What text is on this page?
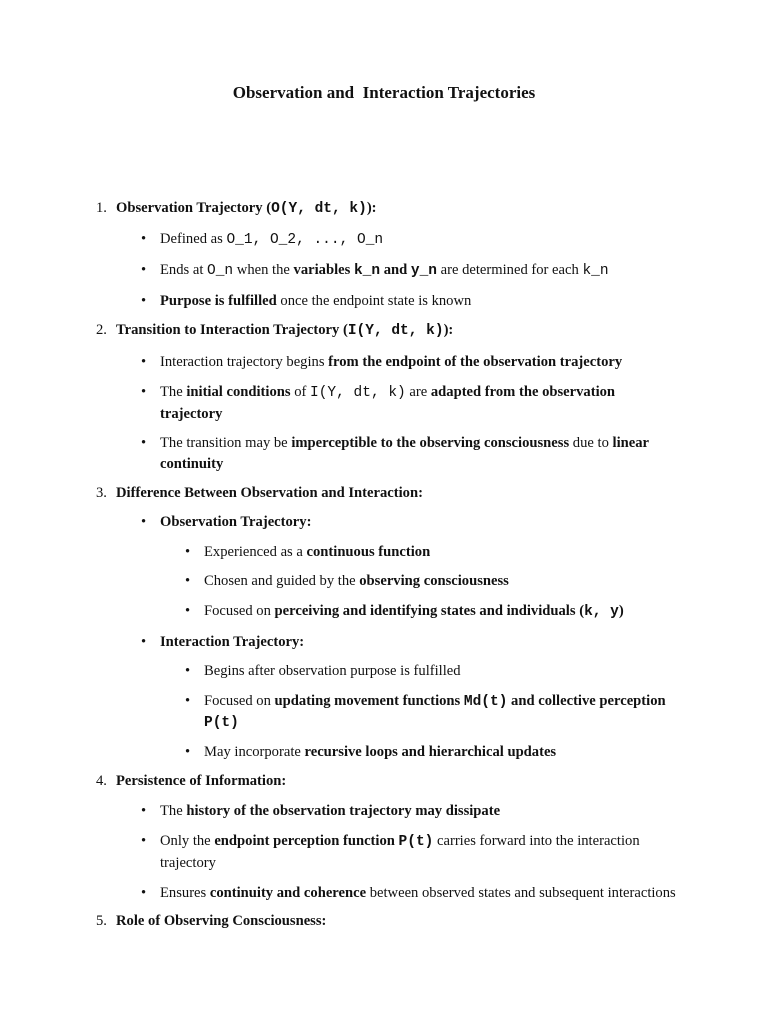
Observation and  Interaction Trajectories
1. Observation Trajectory (O(Y, dt, k)):
• Defined as O_1, O_2, ..., O_n
• Ends at O_n when the variables k_n and y_n are determined for each k_n
• Purpose is fulfilled once the endpoint state is known
2. Transition to Interaction Trajectory (I(Y, dt, k)):
• Interaction trajectory begins from the endpoint of the observation trajectory
• The initial conditions of I(Y, dt, k) are adapted from the observation trajectory
• The transition may be imperceptible to the observing consciousness due to linear continuity
3. Difference Between Observation and Interaction:
• Observation Trajectory:
• Experienced as a continuous function
• Chosen and guided by the observing consciousness
• Focused on perceiving and identifying states and individuals (k, y)
• Interaction Trajectory:
• Begins after observation purpose is fulfilled
• Focused on updating movement functions Md(t) and collective perception P(t)
• May incorporate recursive loops and hierarchical updates
4. Persistence of Information:
• The history of the observation trajectory may dissipate
• Only the endpoint perception function P(t) carries forward into the interaction trajectory
• Ensures continuity and coherence between observed states and subsequent interactions
5. Role of Observing Consciousness:
